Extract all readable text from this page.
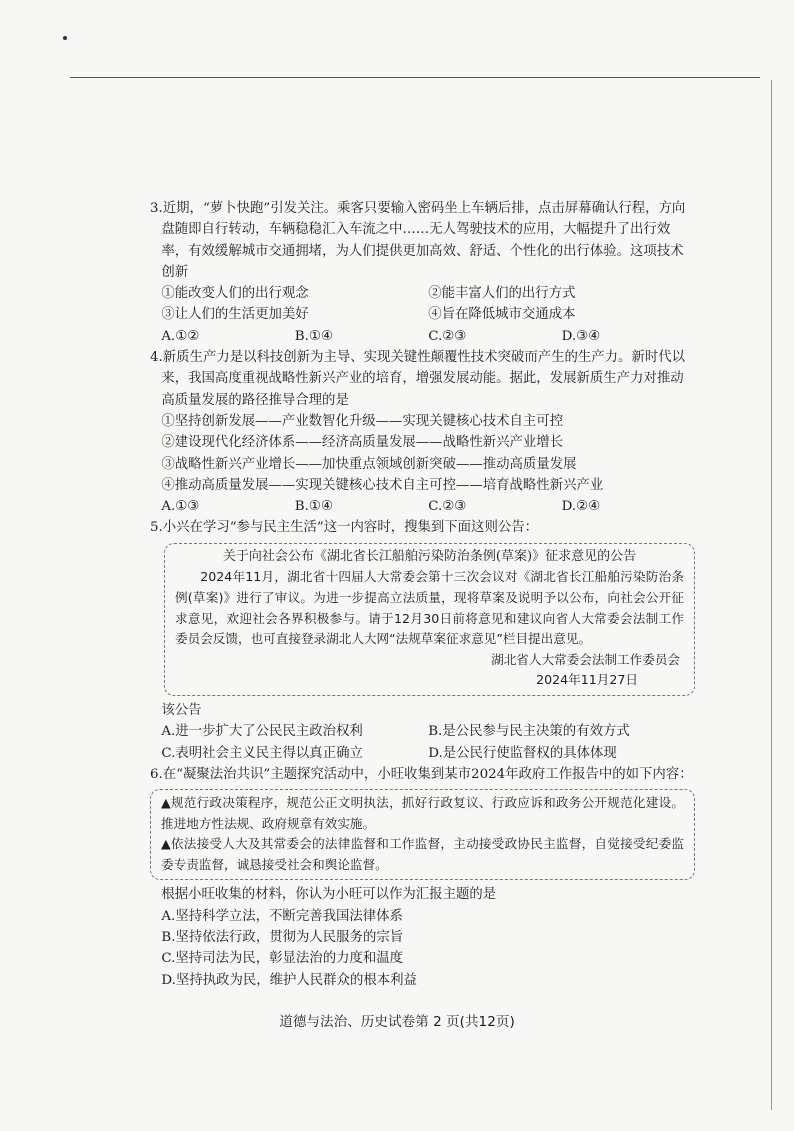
3.近期，“萝卜快跑”引发关注。乘客只要输入密码坐上车辆后排，点击屏幕确认行程，方向盘随即自行转动，车辆稳稳汇入车流之中……无人驾驶技术的应用，大幅提升了出行效率，有效缓解城市交通拥堵，为人们提供更加高效、舒适、个性化的出行体验。这项技术创新

①能改变人们的出行观念	②能丰富人们的出行方式
③让人们的生活更加美好	④旨在降低城市交通成本
A.①②	B.①④	C.②③	D.③④

4.新质生产力是以科技创新为主导、实现关键性颠覆性技术突破而产生的生产力。新时代以来，我国高度重视战略性新兴产业的培育，增强发展动能。据此，发展新质生产力对推动高质量发展的路径推导合理的是

①坚持创新发展——产业数智化升级——实现关键核心技术自主可控

②建设现代化经济体系——经济高质量发展——战略性新兴产业增长

③战略性新兴产业增长——加快重点领域创新突破——推动高质量发展

④推动高质量发展——实现关键核心技术自主可控——培育战略性新兴产业

A.①③	B.①④	C.②③	D.②④

5.小兴在学习“参与民主生活”这一内容时，搜集到下面这则公告：

关于向社会公布《湖北省长江船舶污染防治条例(草案)》征求意见的公告
2024年11月，湖北省十四届人大常委会第十三次会议对《湖北省长江船舶污染防治条例(草案)》进行了审议。为进一步提高立法质量，现将草案及说明予以公布，向社会公开征求意见，欢迎社会各界积极参与。请于12月30日前将意见和建议向省人大常委会法制工作委员会反馈，也可直接登录湖北人大网“法规草案征求意见”栏目提出意见。
湖北省人大常委会法制工作委员会
2024年11月27日

该公告

A.进一步扩大了公民民主政治权利	B.是公民参与民主决策的有效方式
C.表明社会主义民主得以真正确立	D.是公民行使监督权的具体体现

6.在“凝聚法治共识”主题探究活动中，小旺收集到某市2024年政府工作报告中的如下内容：

▲规范行政决策程序，规范公正文明执法，抓好行政复议、行政应诉和政务公开规范化建设。推进地方性法规、政府规章有效实施。
▲依法接受人大及其常委会的法律监督和工作监督，主动接受政协民主监督，自觉接受纪委监委专责监督，诚恳接受社会和舆论监督。

根据小旺收集的材料，你认为小旺可以作为汇报主题的是

A.坚持科学立法，不断完善我国法律体系

B.坚持依法行政，贯彻为人民服务的宗旨

C.坚持司法为民，彰显法治的力度和温度

D.坚持执政为民，维护人民群众的根本利益

道德与法治、历史试卷第 2 页(共12页)
